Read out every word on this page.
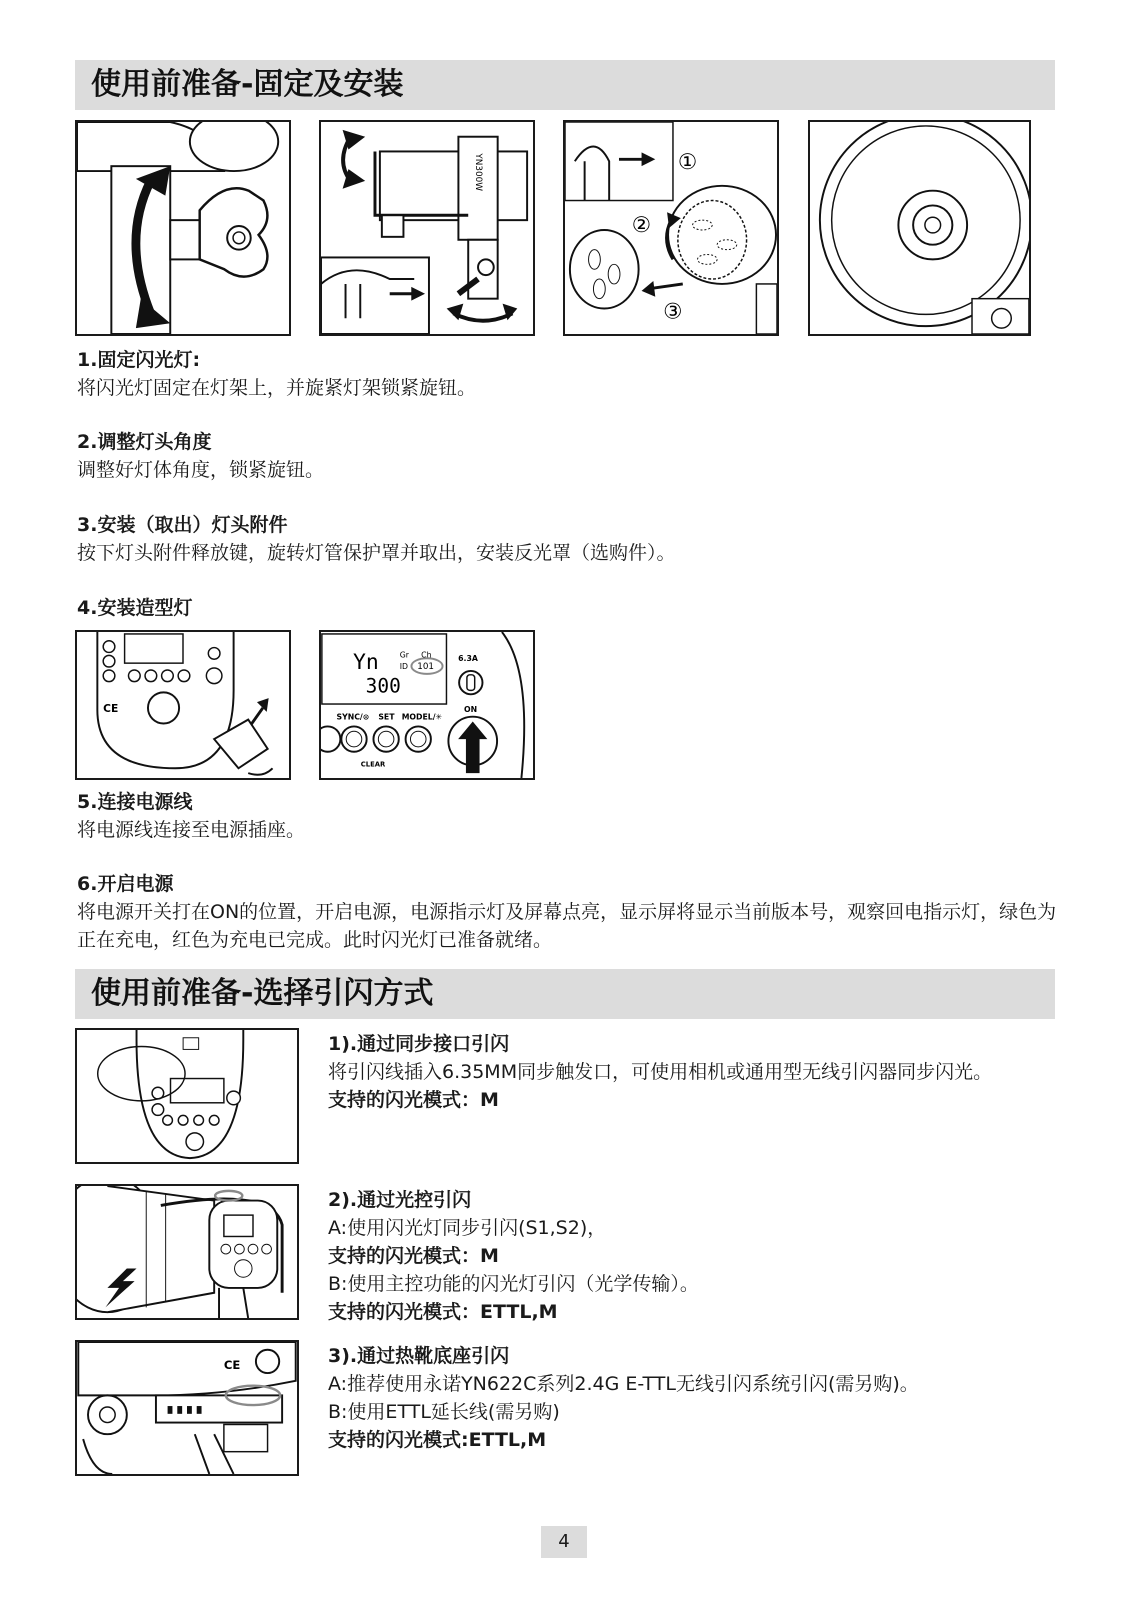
使用前准备-固定及安装
YN300W	①
②
③

1.固定闪光灯:

将闪光灯固定在灯架上，并旋紧灯架锁紧旋钮。

2.调整灯头角度

调整好灯体角度，锁紧旋钮。

3.安装（取出）灯头附件

按下灯头附件释放键，旋转灯管保护罩并取出，安装反光罩（选购件）。

4.安装造型灯

CE
Yn
300
Gr Ch
ID 101
6.3A
ON
SYNC/⊙ SET MODEL/✳
CLEAR

5.连接电源线

将电源线连接至电源插座。

6.开启电源

将电源开关打在ON的位置，开启电源，电源指示灯及屏幕点亮，显示屏将显示当前版本号，观察回电指示灯，绿色为正在充电，红色为充电已完成。此时闪光灯已准备就绪。

使用前准备-选择引闪方式
CE

1).通过同步接口引闪

将引闪线插入6.35MM同步触发口，可使用相机或通用型无线引闪器同步闪光。

支持的闪光模式：M

2).通过光控引闪

A:使用闪光灯同步引闪(S1,S2)，

支持的闪光模式：M

B:使用主控功能的闪光灯引闪（光学传输）。

支持的闪光模式：ETTL,M

3).通过热靴底座引闪

A:推荐使用永诺YN622C系列2.4G E-TTL无线引闪系统引闪(需另购)。

B:使用ETTL延长线(需另购)

支持的闪光模式:ETTL,M

4
